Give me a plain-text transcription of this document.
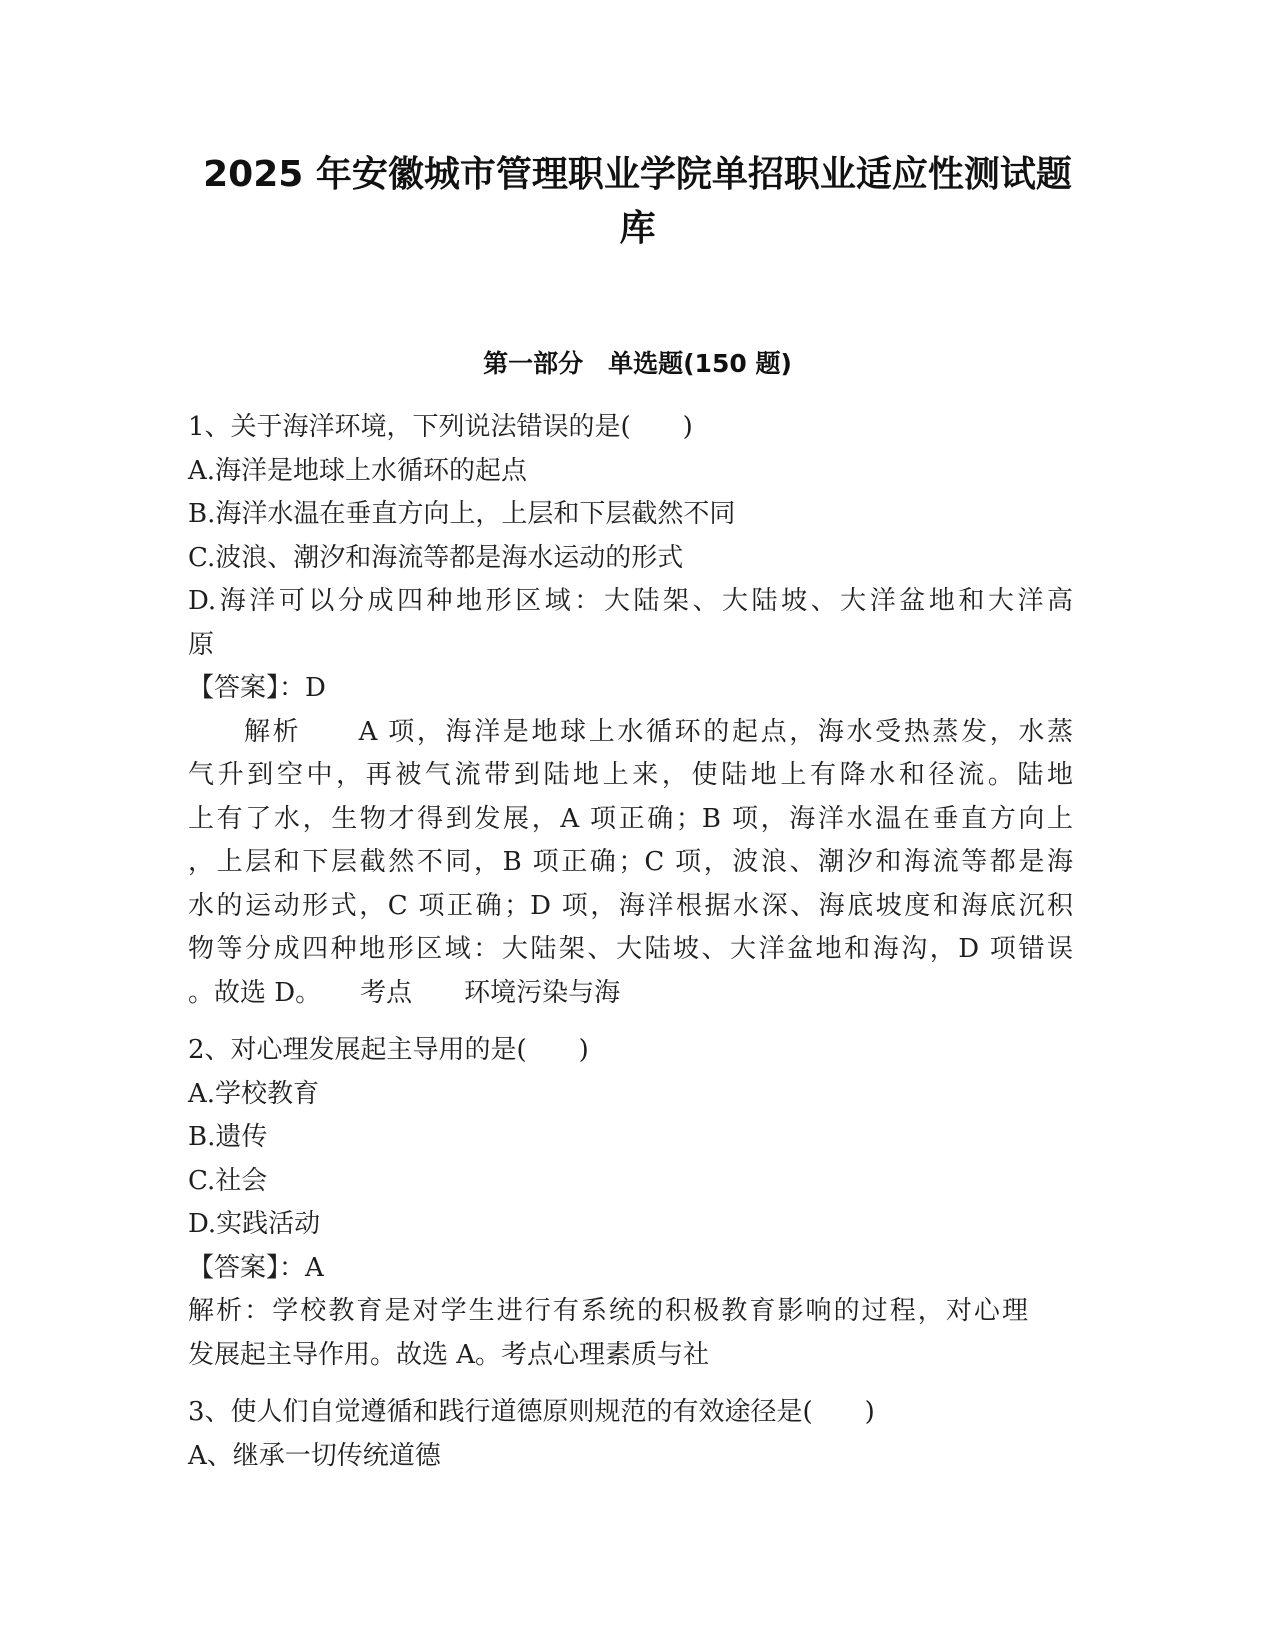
2025 年安徽城市管理职业学院单招职业适应性测试题
库
第一部分　单选题(150 题)

1、关于海洋环境，下列说法错误的是(　　)

A.海洋是地球上水循环的起点

B.海洋水温在垂直方向上，上层和下层截然不同

C.波浪、潮汐和海流等都是海水运动的形式

D.海洋可以分成四种地形区域：大陆架、大陆坡、大洋盆地和大洋高

原

【答案】：D

解析　　A 项，海洋是地球上水循环的起点，海水受热蒸发，水蒸

气升到空中，再被气流带到陆地上来，使陆地上有降水和径流。陆地

上有了水，生物才得到发展，A 项正确；B 项，海洋水温在垂直方向上

，上层和下层截然不同，B 项正确；C 项，波浪、潮汐和海流等都是海

水的运动形式，C 项正确；D 项，海洋根据水深、海底坡度和海底沉积

物等分成四种地形区域：大陆架、大陆坡、大洋盆地和海沟，D 项错误

。故选 D。　　考点　　环境污染与海

2、对心理发展起主导用的是(　　)

A.学校教育

B.遗传

C.社会

D.实践活动

【答案】：A

解析：学校教育是对学生进行有系统的积极教育影响的过程，对心理

发展起主导作用。故选 A。考点心理素质与社

3、使人们自觉遵循和践行道德原则规范的有效途径是(　　)

A、继承一切传统道德
